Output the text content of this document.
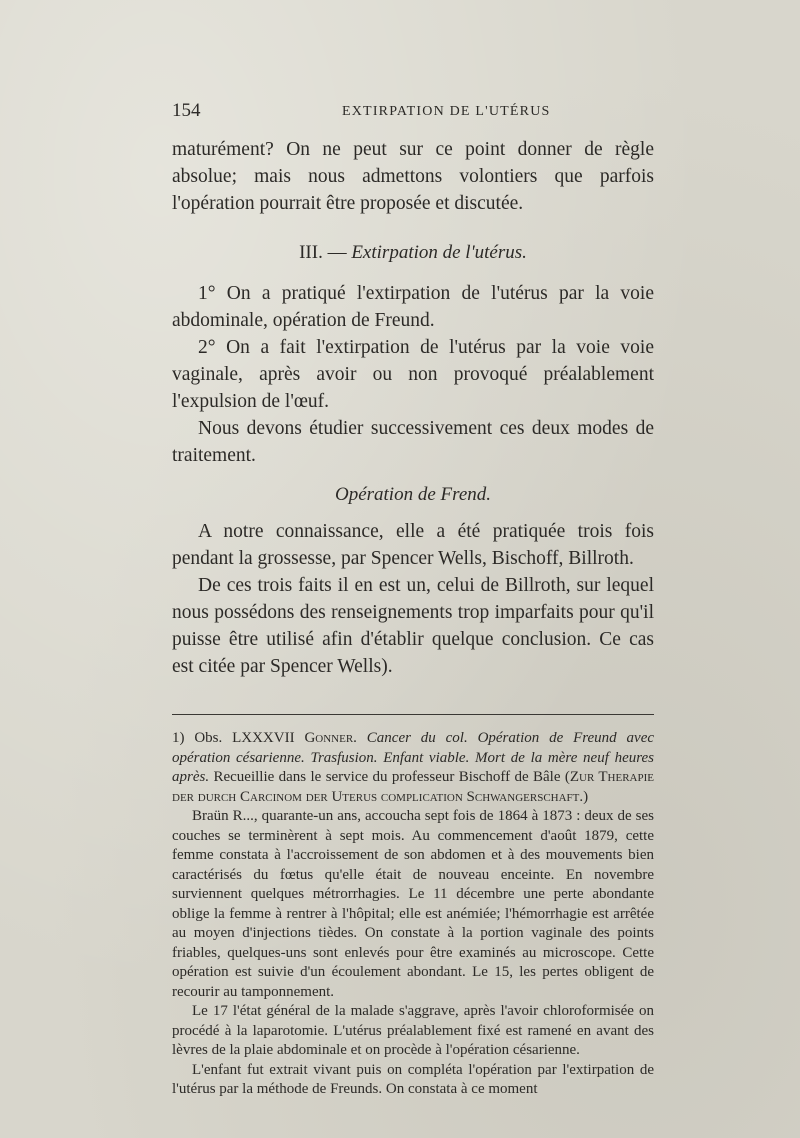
154	EXTIRPATION DE L'UTÉRUS

maturément? On ne peut sur ce point donner de règle absolue; mais nous admettons volontiers que parfois l'opération pourrait être proposée et discutée.

III. — Extirpation de l'utérus.

1° On a pratiqué l'extirpation de l'utérus par la voie abdominale, opération de Freund.

2° On a fait l'extirpation de l'utérus par la voie voie vaginale, après avoir ou non provoqué préalablement l'expulsion de l'œuf.

Nous devons étudier successivement ces deux modes de traitement.

Opération de Frend.

A notre connaissance, elle a été pratiquée trois fois pendant la grossesse, par Spencer Wells, Bischoff, Billroth.

De ces trois faits il en est un, celui de Billroth, sur lequel nous possédons des renseignements trop imparfaits pour qu'il puisse être utilisé afin d'établir quelque conclusion. Ce cas est citée par Spencer Wells).

1) Obs. LXXXVII Gonner. Cancer du col. Opération de Freund avec opération césarienne. Trasfusion. Enfant viable. Mort de la mère neuf heures après. Recueillie dans le service du professeur Bischoff de Bâle (Zur Therapie der durch Carcinom der Uterus complication Schwangerschaft.)

Braün R..., quarante-un ans, accoucha sept fois de 1864 à 1873 : deux de ses couches se terminèrent à sept mois. Au commencement d'août 1879, cette femme constata à l'accroissement de son abdomen et à des mouvements bien caractérisés du fœtus qu'elle était de nouveau enceinte. En novembre surviennent quelques métrorrhagies. Le 11 décembre une perte abondante oblige la femme à rentrer à l'hôpital; elle est anémiée; l'hémorrhagie est arrêtée au moyen d'injections tièdes. On constate à la portion vaginale des points friables, quelques-uns sont enlevés pour être examinés au microscope. Cette opération est suivie d'un écoulement abondant. Le 15, les pertes obligent de recourir au tamponnement.

Le 17 l'état général de la malade s'aggrave, après l'avoir chloroformisée on procédé à la laparotomie. L'utérus préalablement fixé est ramené en avant des lèvres de la plaie abdominale et on procède à l'opération césarienne.

L'enfant fut extrait vivant puis on compléta l'opération par l'extirpation de l'utérus par la méthode de Freunds. On constata à ce moment
